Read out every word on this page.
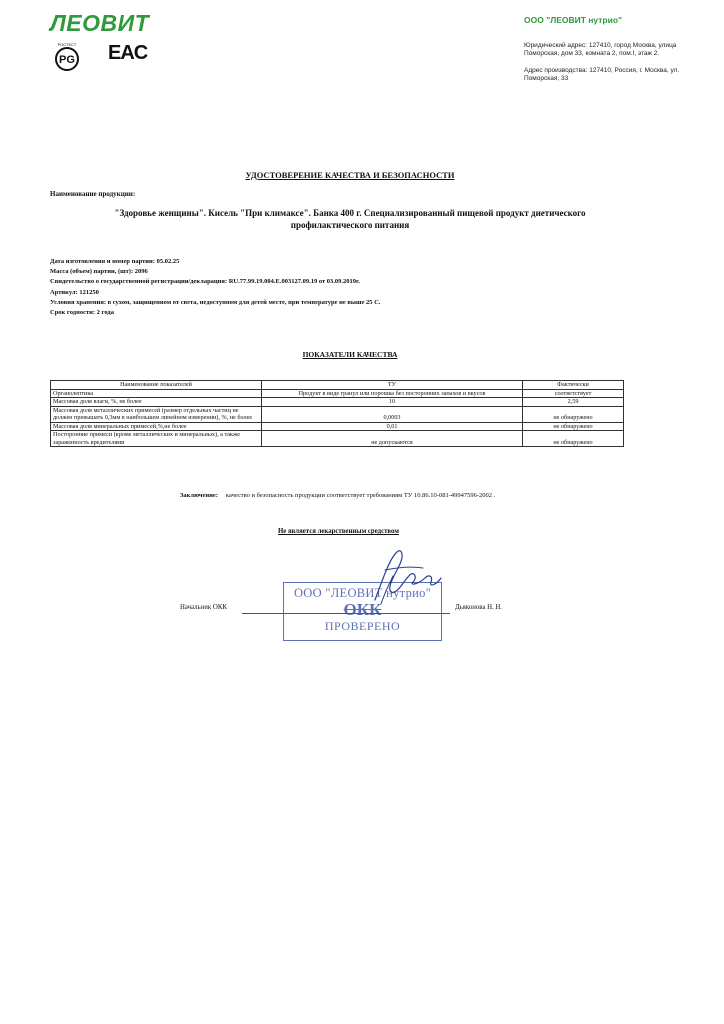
ЛЕОВИТ	ООО "ЛЕОВИТ нутрио"
Юридический адрес: 127410, город Москва, улица Поморская, дом 33, комната 2, пом.I, этаж 2.
Адрес производства: 127410, Россия, г. Москва, ул. Поморская, 33
PG
РОСТЕСТ EAC
УДОСТОВЕРЕНИЕ КАЧЕСТВА И БЕЗОПАСНОСТИ
Наименование продукции:
"Здоровье женщины". Кисель "При климаксе". Банка 400 г. Специализированный пищевой продукт диетического
профилактического питания
Дата изготовления и номер партии: 05.02.25
Масса (объем) партии, (шт): 2096
Свидетельство о государственной регистрации/декларация: RU.77.99.19.004.Е.003127.09.19 от 03.09.2019г.
Артикул: 121250
Условия хранения: в сухом, защищенном от света, недоступном для детей месте, при температуре не выше 25 С.
Срок годности: 2 года
ПОКАЗАТЕЛИ КАЧЕСТВА
Наименование показателей	ТУ	Фактически
Органолептика	Продукт в виде гранул или порошка без посторонних запахов и вкусов	соответствует
Массовая доля влаги, %, не более	10	2,59
Массовая доля металлических примесей (размер отдельных частиц не должен превышать 0,3мм в наибольшем линейном измерении), %, не более	0,0003	не обнаружено
Массовая доля минеральных примесей,%,не более	0,01	не обнаружено
Посторонние примеси (кроме металлических и минеральных), а также зараженность вредителями	не допускаются	не обнаружено
Заключение: качество и безопасность продукции соответствует требованиям ТУ 10.86.10-081-49947596-2002 .
Не является лекарственным средством
Начальник ОКК	Дьяконова Н. Н.
ООО "ЛЕОВИТ нутрио"
ОКК
ПРОВЕРЕНО
